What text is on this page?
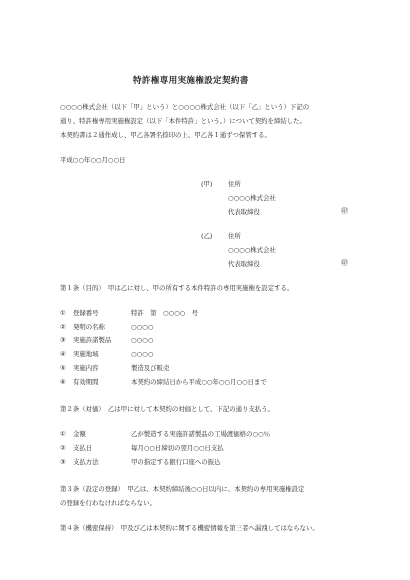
特許権専用実施権設定契約書
○○○○株式会社（以下「甲」という）と○○○○株式会社（以下「乙」という）下記の
通り、特許権専用実施権設定（以下「本件特許」という。）について契約を締結した。
本契約書は２通作成し、甲乙各署名捺印の上、甲乙各１通ずつ保管する。
平成○○年○○月○○日
(甲) 住所
○○○○株式会社
代表取締役	㊞
(乙) 住所
○○○○株式会社
代表取締役	㊞
第１条（目的）　甲は乙に対し、甲の所有する本件特許の専用実施権を設定する。
① 登録番号	特許　第　○○○○　号
② 発明の名称	○○○○
③ 実施許諾製品	○○○○
④ 実施地域	○○○○
⑤ 実施内容	製造及び販売
⑥ 有効期間	本契約の締結日から平成○○年○○月○○日まで
第２条（対価）　乙は甲に対して本契約の対価として、下記の通り支払う。
① 金額	乙が製造する実施許諾製品の工場渡価格の○○％
② 支払日	毎月○○日締切の翌月○○日支払
③ 支払方法	甲の指定する銀行口座への振込
第３条（設定の登録）　甲乙は、本契約締結後○○日以内に、本契約の専用実施権設定
の登録を行わなければならない。
第４条（機密保持）　甲及び乙は本契約に関する機密情報を第三者へ漏洩してはならない。
